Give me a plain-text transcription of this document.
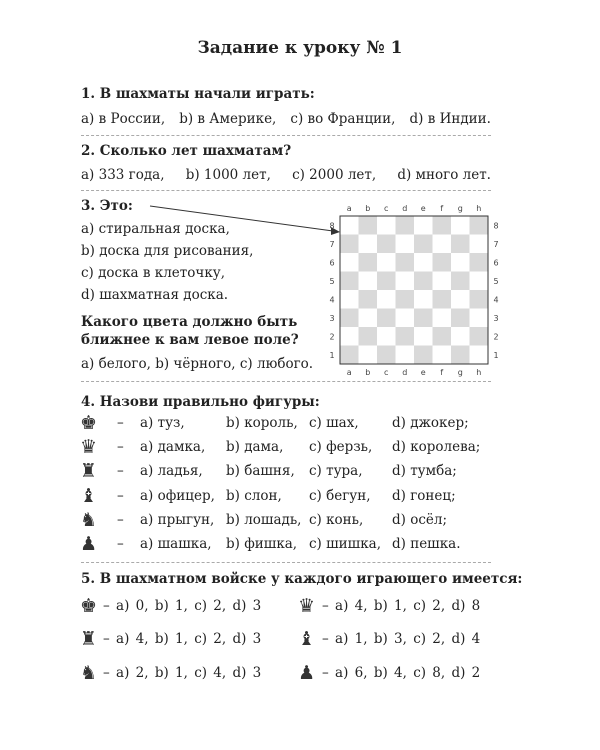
Задание к уроку № 1
1. В шахматы начали играть:
a) в России, b) в Америке, c) во Франции, d) в Индии.
2. Сколько лет шахматам?
a) 333 года, b) 1000 лет, c) 2000 лет, d) много лет.
3. Это:
a) стиральная доска,
b) доска для рисования,
c) доска в клеточку,
d) шахматная доска.
Какого цвета должно быть
ближнее к вам левое поле?
a) белого, b) чёрного, c) любого.
a
a
b
b
c
c
d
d
e
e
f
f
g
g
h
h
8	8
7	7
6	6
5	5
4	4
3	3
2	2
1	1
4. Назови правильно фигуры:
♚ – a) туз,	b) король, c) шах, d) джокер;
♛ – a) дамка, b) дама, c) ферзь, d) королева;
♜ – a) ладья, b) башня, c) тура, d) тумба;
♝ – a) офицер, b) слон, c) бегун, d) гонец;
♞ – a) прыгун, b) лошадь, c) конь, d) осёл;
♟ – a) шашка, b) фишка, c) шишка, d) пешка.
5. В шахматном войске у каждого играющего имеется:
♚ – a) 0, b) 1, c) 2, d) 3 ♛ – a) 4, b) 1, c) 2, d) 8
♜ – a) 4, b) 1, c) 2, d) 3 ♝ – a) 1, b) 3, c) 2, d) 4
♞ – a) 2, b) 1, c) 4, d) 3 ♟ – a) 6, b) 4, c) 8, d) 2
